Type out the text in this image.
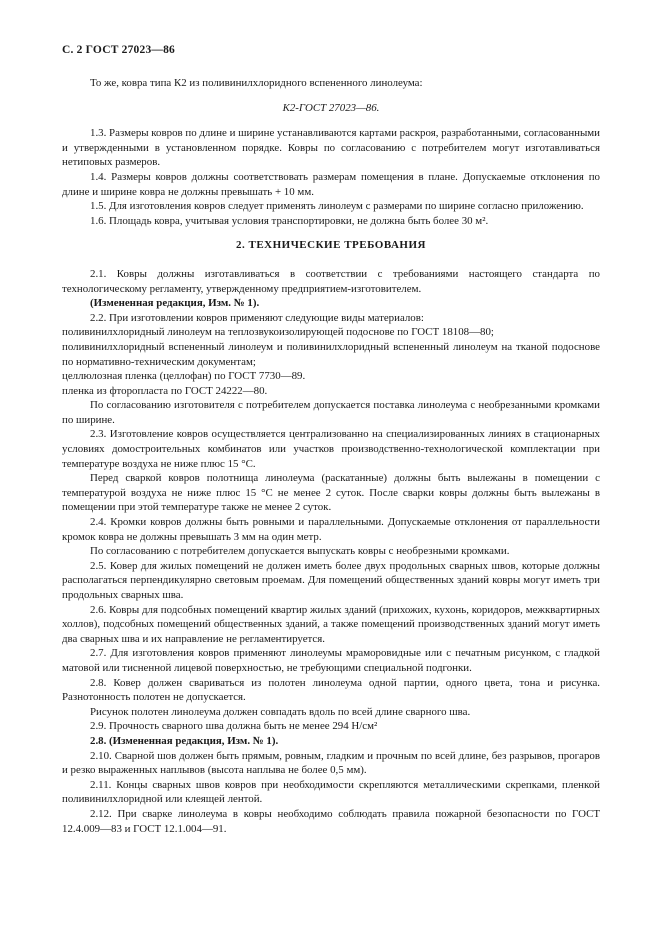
С. 2 ГОСТ 27023—86

То же, ковра типа К2 из поливинилхлоридного вспененного линолеума:

К2-ГОСТ 27023—86.

1.3. Размеры ковров по длине и ширине устанавливаются картами раскроя, разработанными, согласованными и утвержденными в установленном порядке. Ковры по согласованию с потребителем могут изготавливаться нетиповых размеров.

1.4. Размеры ковров должны соответствовать размерам помещения в плане. Допускаемые отклонения по длине и ширине ковра не должны превышать + 10 мм.

1.5. Для изготовления ковров следует применять линолеум с размерами по ширине согласно приложению.

1.6. Площадь ковра, учитывая условия транспортировки, не должна быть более 30 м².

2. ТЕХНИЧЕСКИЕ ТРЕБОВАНИЯ

2.1. Ковры должны изготавливаться в соответствии с требованиями настоящего стандарта по технологическому регламенту, утвержденному предприятием-изготовителем.

(Измененная редакция, Изм. № 1).

2.2. При изготовлении ковров применяют следующие виды материалов:

поливинилхлоридный линолеум на теплозвукоизолирующей подоснове по ГОСТ 18108—80;

поливинилхлоридный вспененный линолеум и поливинилхлоридный вспененный линолеум на тканой подоснове по нормативно-техническим документам;

целлюлозная пленка (целлофан) по ГОСТ 7730—89.

пленка из фторопласта по ГОСТ 24222—80.

По согласованию изготовителя с потребителем допускается поставка линолеума с необрезанными кромками по ширине.

2.3. Изготовление ковров осуществляется централизованно на специализированных линиях в стационарных условиях домостроительных комбинатов или участков производственно-технологической комплектации при температуре воздуха не ниже плюс 15 °С.

Перед сваркой ковров полотнища линолеума (раскатанные) должны быть вылежаны в помещении с температурой воздуха не ниже плюс 15 °С не менее 2 суток. После сварки ковры должны быть вылежаны в помещении при этой температуре также не менее 2 суток.

2.4. Кромки ковров должны быть ровными и параллельными. Допускаемые отклонения от параллельности кромок ковра не должны превышать 3 мм на один метр.

По согласованию с потребителем допускается выпускать ковры с необрезными кромками.

2.5. Ковер для жилых помещений не должен иметь более двух продольных сварных швов, которые должны располагаться перпендикулярно световым проемам. Для помещений общественных зданий ковры могут иметь три продольных сварных шва.

2.6. Ковры для подсобных помещений квартир жилых зданий (прихожих, кухонь, коридоров, межквартирных холлов), подсобных помещений общественных зданий, а также помещений производственных зданий могут иметь два сварных шва и их направление не регламентируется.

2.7. Для изготовления ковров применяют линолеумы мраморовидные или с печатным рисунком, с гладкой матовой или тисненной лицевой поверхностью, не требующими специальной подгонки.

2.8. Ковер должен свариваться из полотен линолеума одной партии, одного цвета, тона и рисунка. Разнотонность полотен не допускается.

Рисунок полотен линолеума должен совпадать вдоль по всей длине сварного шва.

2.9. Прочность сварного шва должна быть не менее 294 Н/см²

2.8. (Измененная редакция, Изм. № 1).

2.10. Сварной шов должен быть прямым, ровным, гладким и прочным по всей длине, без разрывов, прогаров и резко выраженных наплывов (высота наплыва не более 0,5 мм).

2.11. Концы сварных швов ковров при необходимости скрепляются металлическими скрепками, пленкой поливинилхлоридной или клеящей лентой.

2.12. При сварке линолеума в ковры необходимо соблюдать правила пожарной безопасности по ГОСТ 12.4.009—83 и ГОСТ 12.1.004—91.
